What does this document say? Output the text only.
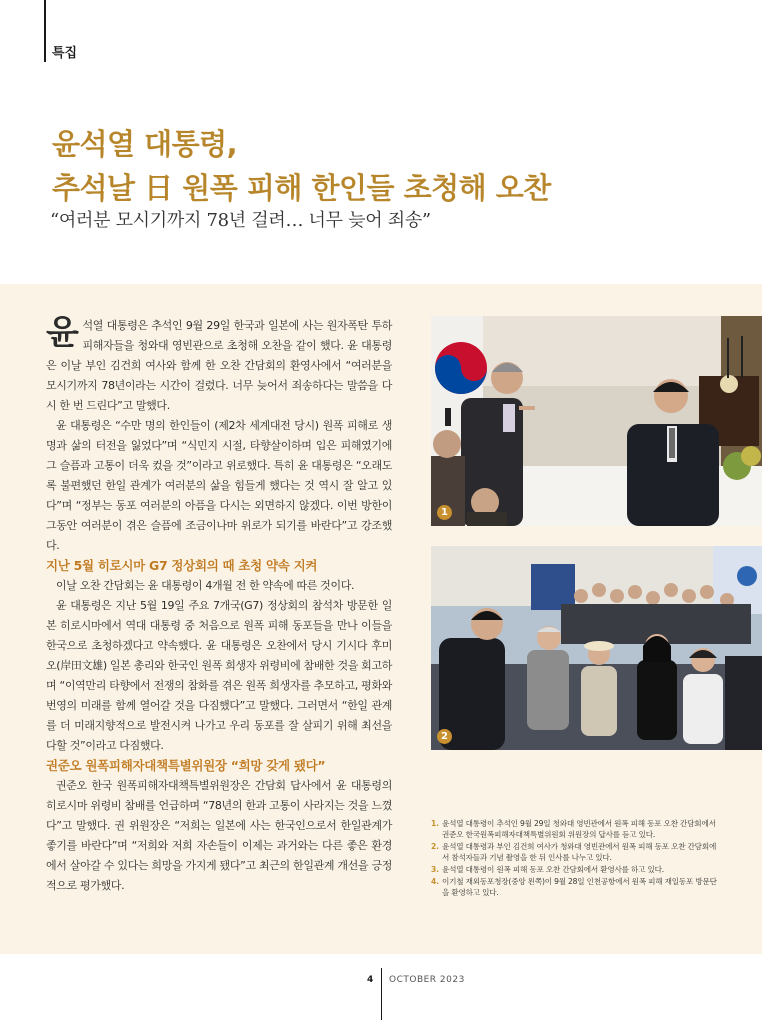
특집
윤석열 대통령,
추석날 日 원폭 피해 한인들 초청해 오찬
“여러분 모시기까지 78년 걸려… 너무 늦어 죄송”

윤석열 대통령은 추석인 9월 29일 한국과 일본에 사는 원자폭탄 투하 피해자들을 청와대 영빈관으로 초청해 오찬을 같이 했다. 윤 대통령은 이날 부인 김건희 여사와 함께 한 오찬 간담회의 환영사에서 “여러분을 모시기까지 78년이라는 시간이 걸렸다. 너무 늦어서 죄송하다는 말씀을 다시 한 번 드린다”고 말했다.

윤 대통령은 “수만 명의 한인들이 (제2차 세계대전 당시) 원폭 피해로 생명과 삶의 터전을 잃었다”며 “식민지 시절, 타향살이하며 입은 피해였기에 그 슬픔과 고통이 더욱 컸을 것”이라고 위로했다. 특히 윤 대통령은 “오래도록 불편했던 한일 관계가 여러분의 삶을 힘들게 했다는 것 역시 잘 알고 있다”며 “정부는 동포 여러분의 아픔을 다시는 외면하지 않겠다. 이번 방한이 그동안 여러분이 겪은 슬픔에 조금이나마 위로가 되기를 바란다”고 강조했다.

지난 5월 히로시마 G7 정상회의 때 초청 약속 지켜

이날 오찬 간담회는 윤 대통령이 4개월 전 한 약속에 따른 것이다.

윤 대통령은 지난 5월 19일 주요 7개국(G7) 정상회의 참석차 방문한 일본 히로시마에서 역대 대통령 중 처음으로 원폭 피해 동포들을 만나 이들을 한국으로 초청하겠다고 약속했다. 윤 대통령은 오찬에서 당시 기시다 후미오(岸田文雄) 일본 총리와 한국인 원폭 희생자 위령비에 참배한 것을 회고하며 “이역만리 타향에서 전쟁의 참화를 겪은 원폭 희생자를 추모하고, 평화와 번영의 미래를 함께 열어갈 것을 다짐했다”고 말했다. 그러면서 “한일 관계를 더 미래지향적으로 발전시켜 나가고 우리 동포를 잘 살피기 위해 최선을 다할 것”이라고 다짐했다.

권준오 원폭피해자대책특별위원장 “희망 갖게 됐다”

권준오 한국 원폭피해자대책특별위원장은 간담회 답사에서 윤 대통령의 히로시마 위령비 참배를 언급하며 “78년의 한과 고통이 사라지는 것을 느꼈다”고 말했다. 권 위원장은 “저희는 일본에 사는 한국인으로서 한일관계가 좋기를 바란다”며 “저희와 저희 자손들이 이제는 과거와는 다른 좋은 환경에서 살아갈 수 있다는 희망을 가지게 됐다”고 최근의 한일관계 개선을 긍정적으로 평가했다.

1
2
1. 윤석열 대통령이 추석인 9월 29일 청와대 영빈관에서 원폭 피해 동포 오찬 간담회에서 권준오 한국원폭피해자대책특별위원회 위원장의 답사를 듣고 있다.
2. 윤석열 대통령과 부인 김건희 여사가 청와대 영빈관에서 원폭 피해 동포 오찬 간담회에서 참석자들과 기념 촬영을 한 뒤 인사를 나누고 있다.
3. 윤석열 대통령이 원폭 피해 동포 오찬 간담회에서 환영사를 하고 있다.
4. 이기철 재외동포청장(중앙 왼쪽)이 9월 28일 인천공항에서 원폭 피해 재일동포 방문단을 환영하고 있다.
4 OCTOBER 2023
